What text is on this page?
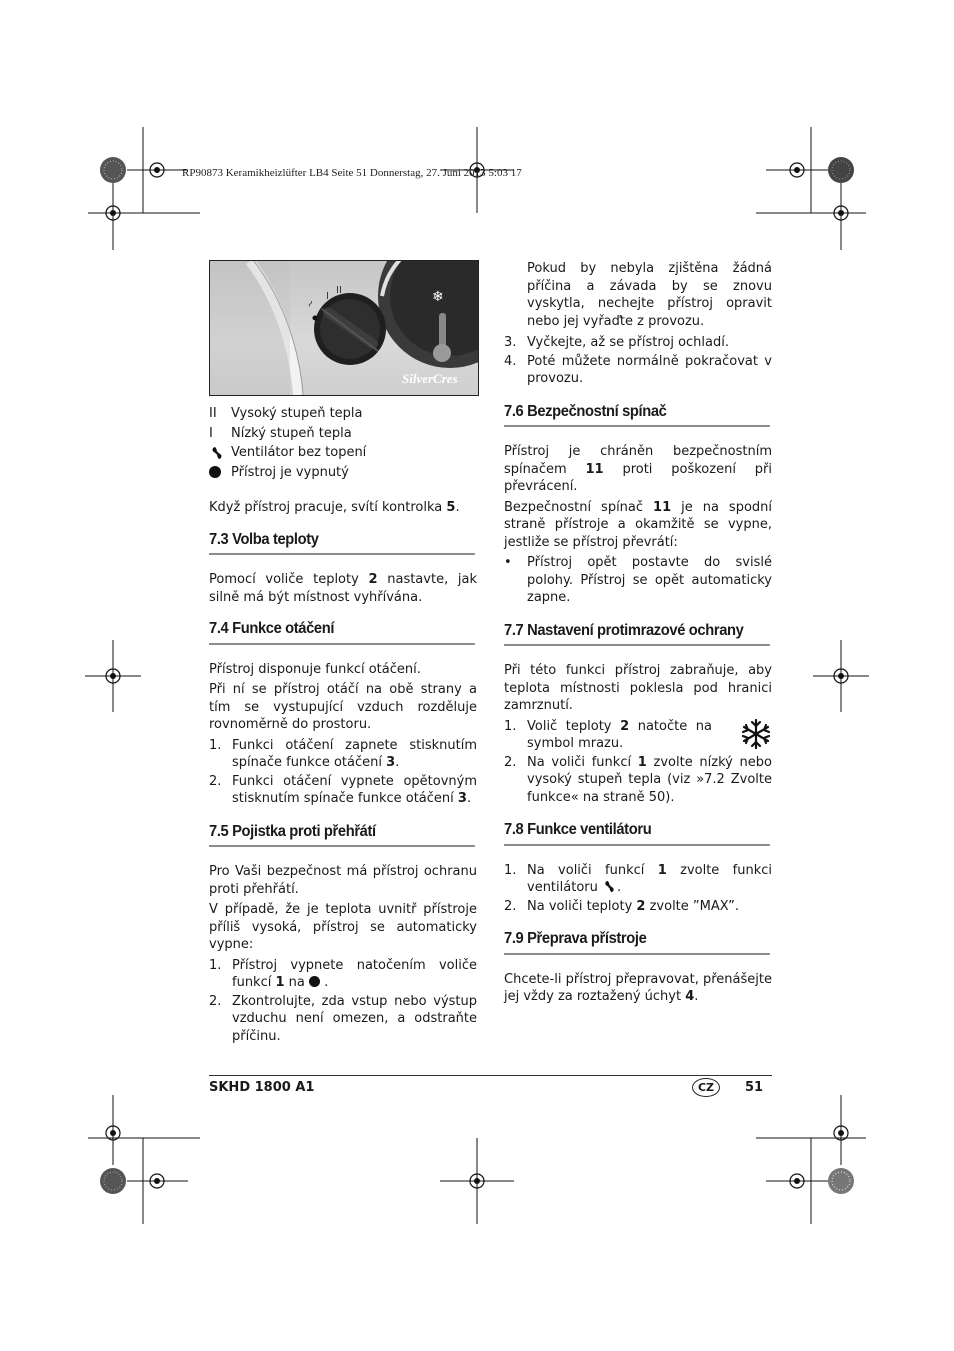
RP90873 Keramikheizlüfter LB4 Seite 51 Donnerstag, 27. Juni 2013 5:03 17
❄
~
I
II
SilverCres
II	Vysoký stupeň tepla
I	Nízký stupeň tepla
Ventilátor bez topení
Přístroj je vypnutý

Když přístroj pracuje, svítí kontrolka 5.

7.3 Volba teploty

Pomocí voliče teploty 2 nastavte, jak silně má být místnost vyhřívána.

7.4 Funkce otáčení

Přístroj disponuje funkcí otáčení.

Při ní se přístroj otáčí na obě strany a tím se vystupující vzduch rozděluje rovnoměrně do prostoru.

1. Funkci otáčení zapnete stisknutím spínače funkce otáčení 3.
2. Funkci otáčení vypnete opětovným stisknutím spínače funkce otáčení 3.
7.5 Pojistka proti přehřátí

Pro Vaši bezpečnost má přístroj ochranu proti přehřátí.

V případě, že je teplota uvnitř přístroje příliš vysoká, přístroj se automaticky vypne:

1. Přístroj vypnete natočením voliče funkcí 1 na  .
2. Zkontrolujte, zda vstup nebo výstup vzduchu není omezen, a odstraňte příčinu.

Pokud by nebyla zjištěna žádná příčina a závada by se znovu vyskytla, nechejte přístroj opravit nebo jej vyřaďte z provozu.

3. Vyčkejte, až se přístroj ochladí.
4. Poté můžete normálně pokračovat v provozu.
7.6 Bezpečnostní spínač

Přístroj je chráněn bezpečnostním spínačem 11 proti poškození při převrácení.

Bezpečnostní spínač 11 je na spodní straně přístroje a okamžitě se vypne, jestliže se přístroj převrátí:

•	Přístroj opět postavte do svislé polohy. Přístroj se opět automaticky zapne.
7.7 Nastavení protimrazové ochrany

Při této funkci přístroj zabraňuje, aby teplota místnosti poklesla pod hranici zamrznutí.

1. Volič teploty 2 natočte na symbol mrazu.
2. Na voliči funkcí 1 zvolte nízký nebo vysoký stupeň tepla (viz »7.2 Zvolte funkce« na straně 50).
7.8 Funkce ventilátoru
1. Na voliči funkcí 1 zvolte funkci ventilátoru .
2. Na voliči teploty 2 zvolte ”MAX”.
7.9 Přeprava přístroje

Chcete-li přístroj přepravovat, přenášejte jej vždy za roztažený úchyt 4.

SKHD 1800 A1	CZ	51
